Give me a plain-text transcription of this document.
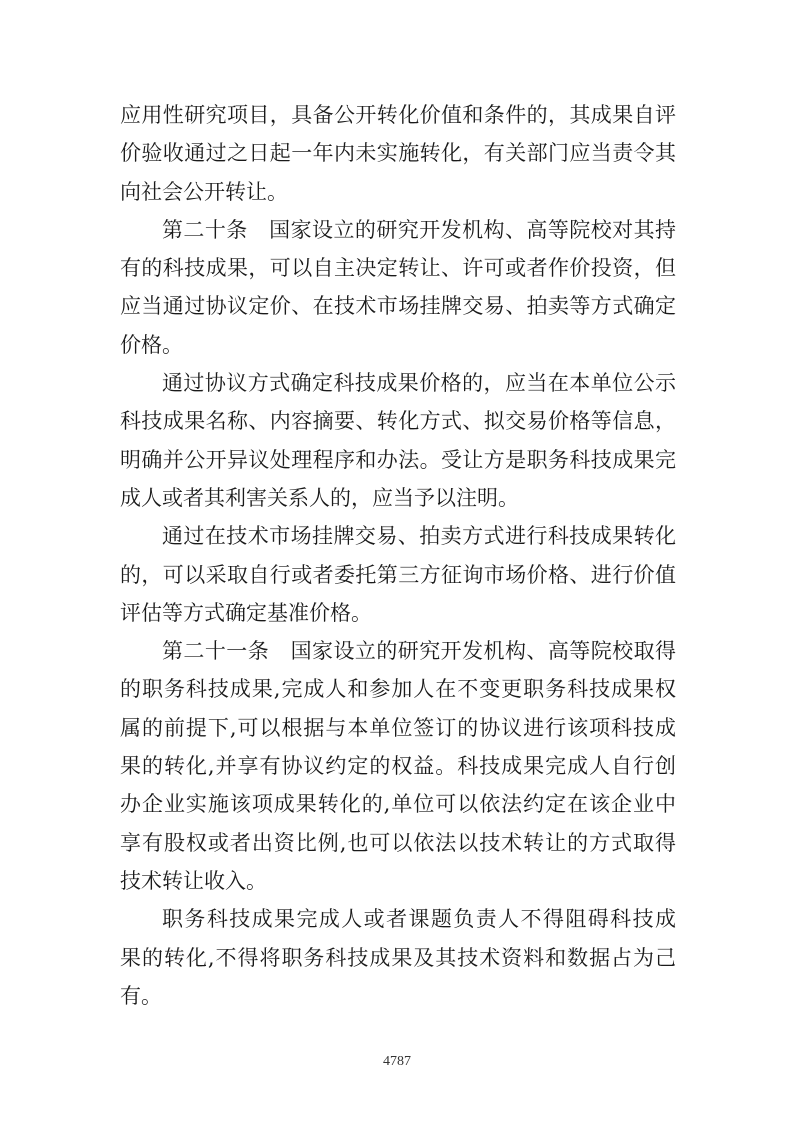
应用性研究项目，具备公开转化价值和条件的，其成果自评
价验收通过之日起一年内未实施转化，有关部门应当责令其
向社会公开转让。
第二十条　国家设立的研究开发机构、高等院校对其持
有的科技成果，可以自主决定转让、许可或者作价投资，但
应当通过协议定价、在技术市场挂牌交易、拍卖等方式确定
价格。
通过协议方式确定科技成果价格的，应当在本单位公示
科技成果名称、内容摘要、转化方式、拟交易价格等信息，
明确并公开异议处理程序和办法。受让方是职务科技成果完
成人或者其利害关系人的，应当予以注明。
通过在技术市场挂牌交易、拍卖方式进行科技成果转化
的，可以采取自行或者委托第三方征询市场价格、进行价值
评估等方式确定基准价格。
第二十一条　国家设立的研究开发机构、高等院校取得
的职务科技成果,完成人和参加人在不变更职务科技成果权
属的前提下,可以根据与本单位签订的协议进行该项科技成
果的转化,并享有协议约定的权益。科技成果完成人自行创
办企业实施该项成果转化的,单位可以依法约定在该企业中
享有股权或者出资比例,也可以依法以技术转让的方式取得
技术转让收入。
职务科技成果完成人或者课题负责人不得阻碍科技成
果的转化,不得将职务科技成果及其技术资料和数据占为己
有。
4787
